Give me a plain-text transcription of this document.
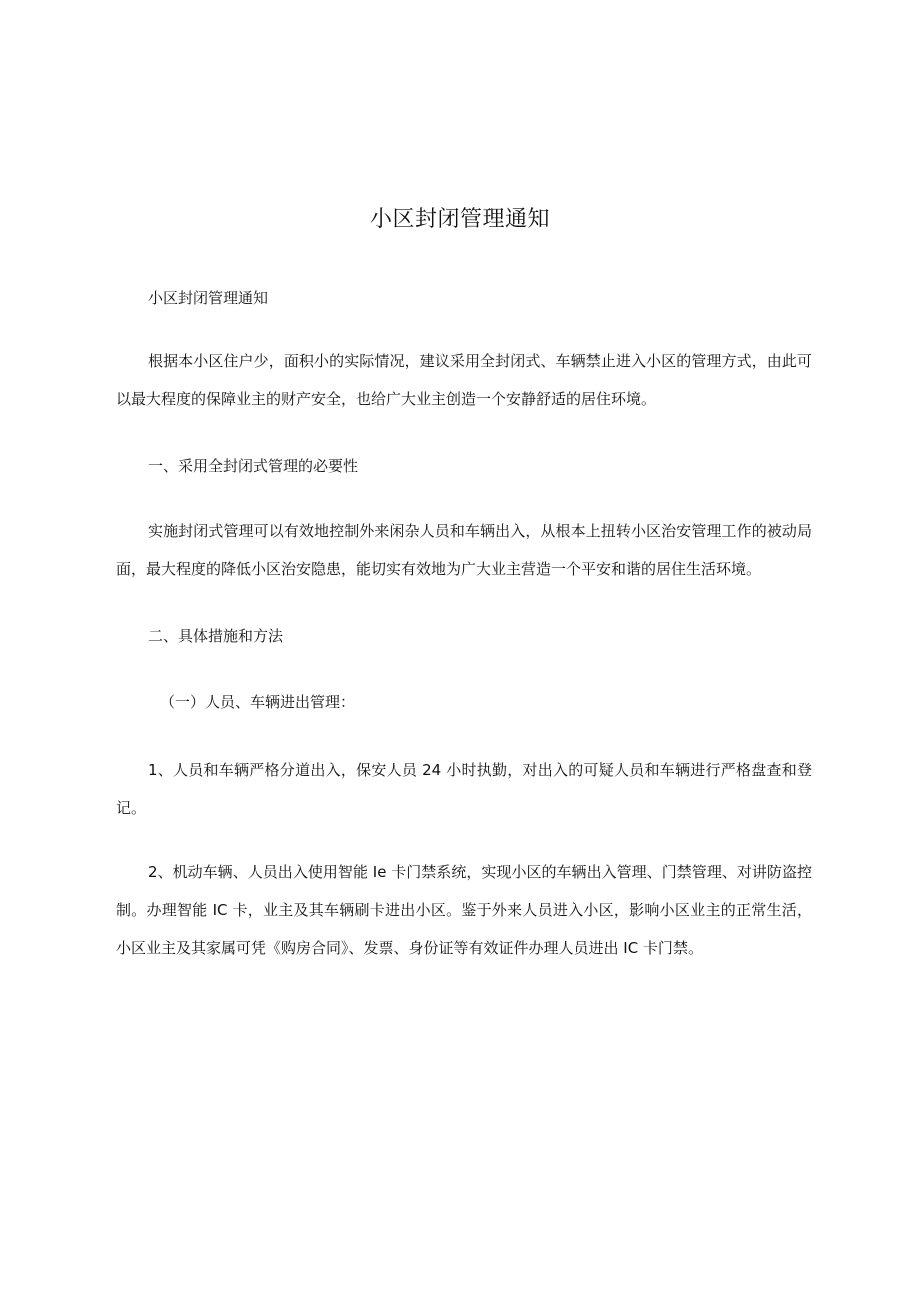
小区封闭管理通知

小区封闭管理通知

根据本小区住户少，面积小的实际情况，建议采用全封闭式、车辆禁止进入小区的管理方式，由此可以最大程度的保障业主的财产安全，也给广大业主创造一个安静舒适的居住环境。

一、采用全封闭式管理的必要性

实施封闭式管理可以有效地控制外来闲杂人员和车辆出入，从根本上扭转小区治安管理工作的被动局面，最大程度的降低小区治安隐患，能切实有效地为广大业主营造一个平安和谐的居住生活环境。

二、具体措施和方法

（一）人员、车辆进出管理：

1、人员和车辆严格分道出入，保安人员 24 小时执勤，对出入的可疑人员和车辆进行严格盘查和登记。

2、机动车辆、人员出入使用智能 Ie 卡门禁系统，实现小区的车辆出入管理、门禁管理、对讲防盗控制。办理智能 IC 卡，业主及其车辆刷卡进出小区。鉴于外来人员进入小区，影响小区业主的正常生活，小区业主及其家属可凭《购房合同》、发票、身份证等有效证件办理人员进出 IC 卡门禁。
